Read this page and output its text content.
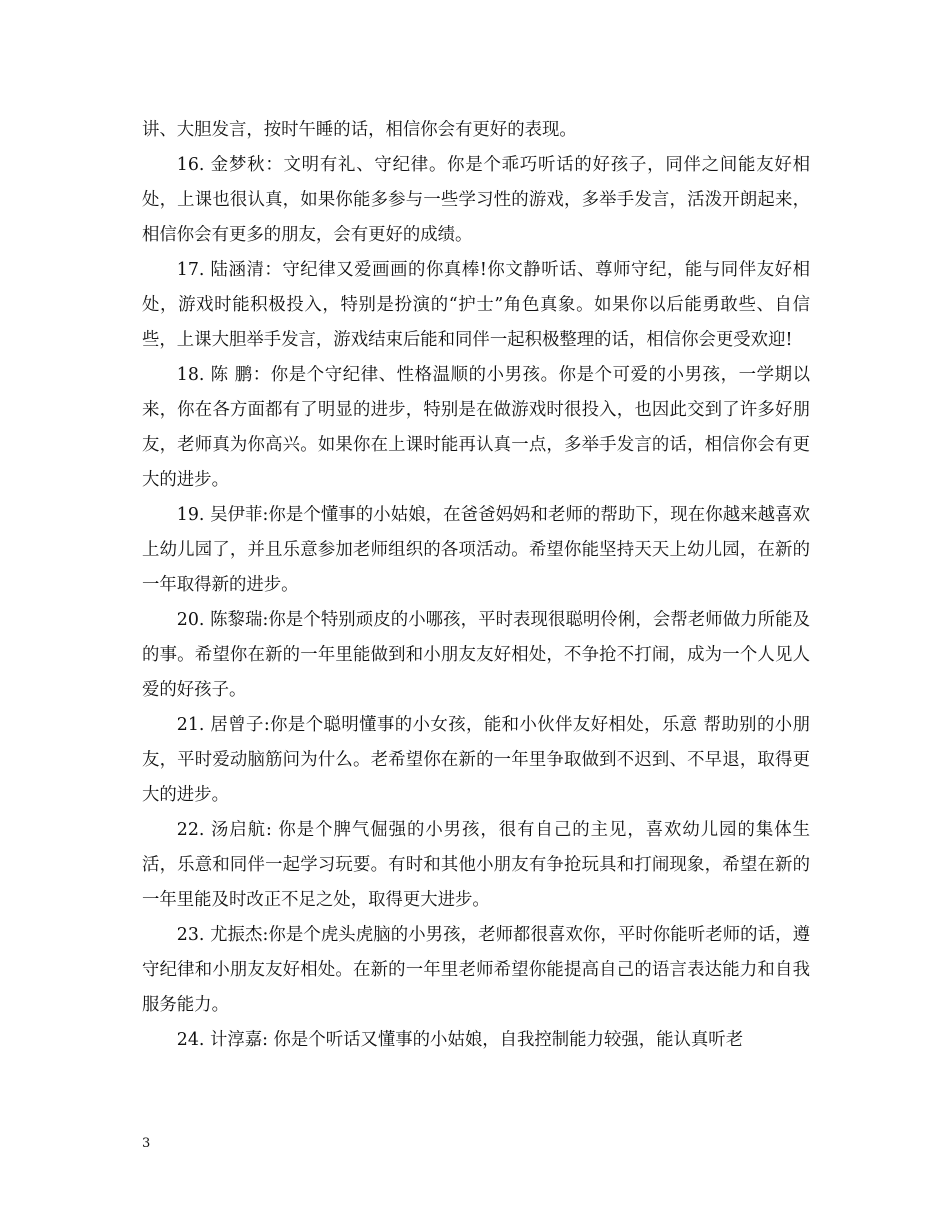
讲、大胆发言，按时午睡的话，相信你会有更好的表现。

16. 金梦秋：文明有礼、守纪律。你是个乖巧听话的好孩子，同伴之间能友好相处，上课也很认真，如果你能多参与一些学习性的游戏，多举手发言，活泼开朗起来，相信你会有更多的朋友，会有更好的成绩。

17. 陆涵清：守纪律又爱画画的你真棒!你文静听话、尊师守纪，能与同伴友好相处，游戏时能积极投入，特别是扮演的“护士”角色真象。如果你以后能勇敢些、自信些，上课大胆举手发言，游戏结束后能和同伴一起积极整理的话，相信你会更受欢迎!

18. 陈 鹏：你是个守纪律、性格温顺的小男孩。你是个可爱的小男孩，一学期以来，你在各方面都有了明显的进步，特别是在做游戏时很投入，也因此交到了许多好朋友，老师真为你高兴。如果你在上课时能再认真一点，多举手发言的话，相信你会有更大的进步。

19. 吴伊菲:你是个懂事的小姑娘，在爸爸妈妈和老师的帮助下，现在你越来越喜欢上幼儿园了，并且乐意参加老师组织的各项活动。希望你能坚持天天上幼儿园，在新的一年取得新的进步。

20. 陈黎瑞:你是个特别顽皮的小哪孩，平时表现很聪明伶俐，会帮老师做力所能及的事。希望你在新的一年里能做到和小朋友友好相处，不争抢不打闹，成为一个人见人爱的好孩子。

21. 居曾子:你是个聪明懂事的小女孩，能和小伙伴友好相处，乐意 帮助别的小朋友，平时爱动脑筋问为什么。老希望你在新的一年里争取做到不迟到、不早退，取得更大的进步。

22. 汤启航: 你是个脾气倔强的小男孩，很有自己的主见，喜欢幼儿园的集体生活，乐意和同伴一起学习玩要。有时和其他小朋友有争抢玩具和打闹现象，希望在新的一年里能及时改正不足之处，取得更大进步。

23. 尤振杰:你是个虎头虎脑的小男孩，老师都很喜欢你，平时你能听老师的话，遵守纪律和小朋友友好相处。在新的一年里老师希望你能提高自己的语言表达能力和自我服务能力。

24. 计淳嘉: 你是个听话又懂事的小姑娘，自我控制能力较强，能认真听老

3
